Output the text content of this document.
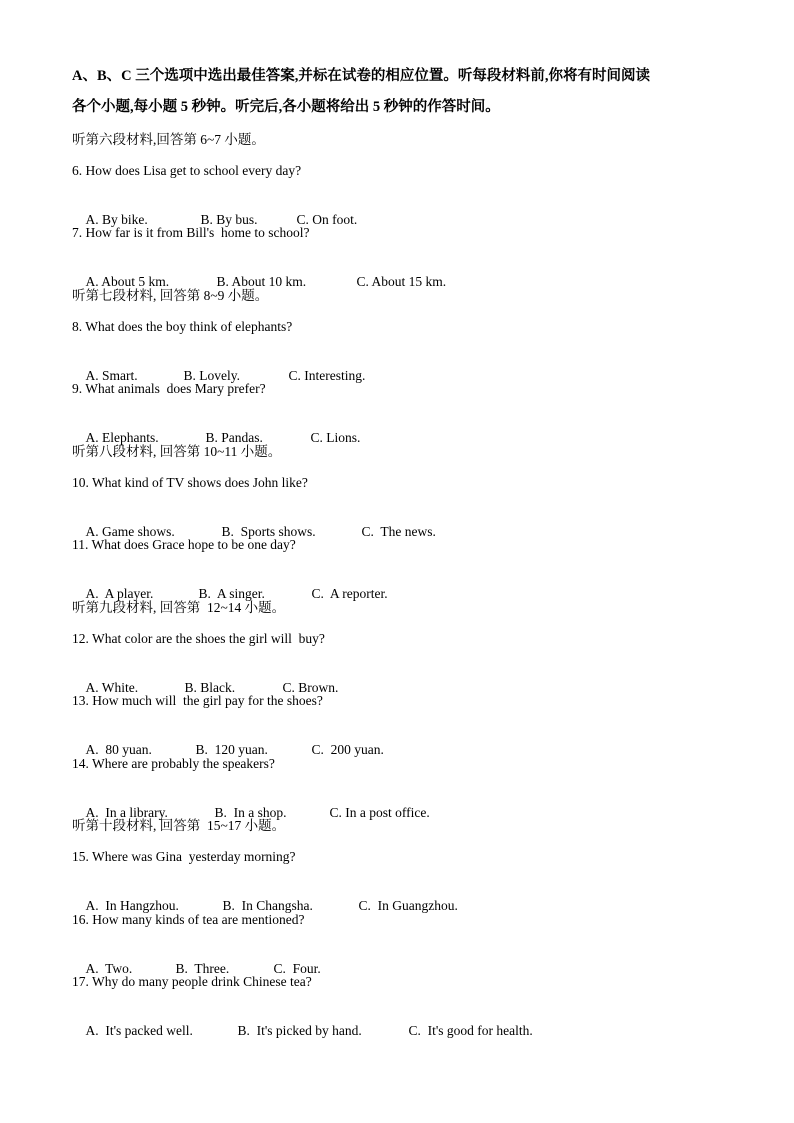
A、B、C 三个选项中选出最佳答案,并标在试卷的相应位置。听每段材料前,你将有时间阅读
各个小题,每小题 5 秒钟。听完后,各小题将给出 5 秒钟的作答时间。
听第六段材料,回答第 6~7 小题。
6. How does Lisa get to school every day?

A. By bike.	B. By bus.	C. On foot.

7. How far is it from Bill's  home to school?

A. About 5 km.	B. About 10 km.	C. About 15 km.

听第七段材料, 回答第 8~9 小题。
8. What does the boy think of elephants?

A. Smart.	B. Lovely.	C. Interesting.

9. What animals  does Mary prefer?

A. Elephants.	B. Pandas.	C. Lions.

听第八段材料, 回答第 10~11 小题。
10. What kind of TV shows does John like?

A. Game shows.	B.  Sports shows.	C.  The news.

11. What does Grace hope to be one day?

A.  A player.	B.  A singer.	C.  A reporter.

听第九段材料, 回答第  12~14 小题。
12. What color are the shoes the girl will  buy?

A. White.	B. Black.	C. Brown.

13. How much will  the girl pay for the shoes?

A.  80 yuan.	B.  120 yuan.	C.  200 yuan.

14. Where are probably the speakers?

A.  In a library.	B.  In a shop.	C. In a post office.

听第十段材料, 回答第  15~17 小题。
15. Where was Gina  yesterday morning?

A.  In Hangzhou.	B.  In Changsha.	C.  In Guangzhou.

16. How many kinds of tea are mentioned?

A.  Two.	B.  Three.	C.  Four.

17. Why do many people drink Chinese tea?

A.  It's packed well.	B.  It's picked by hand.	C.  It's good for health.
